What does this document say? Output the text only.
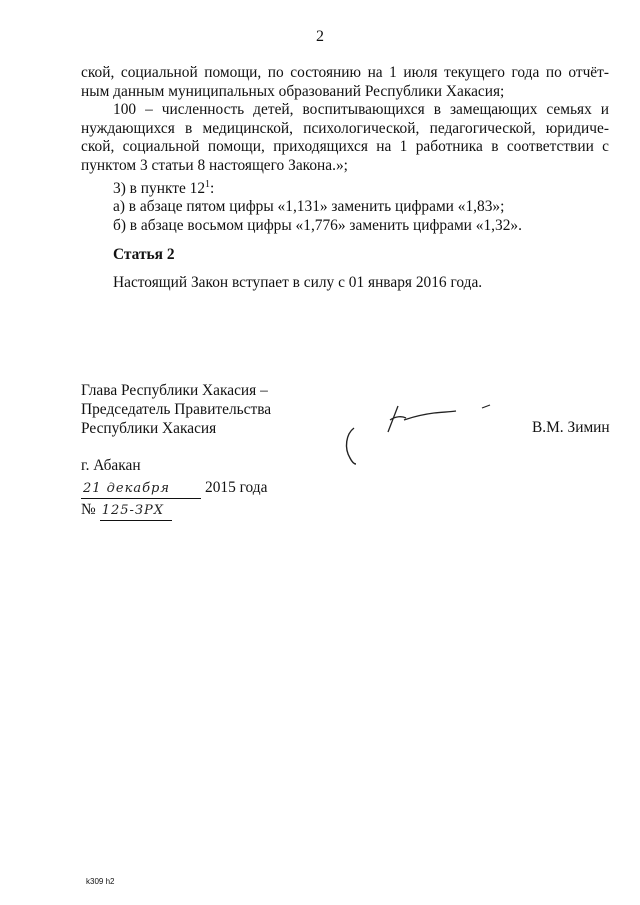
2

ской, социальной помощи, по состоянию на 1 июля текущего года по отчёт-

ным данным муниципальных образований Республики Хакасия;

100 – численность детей, воспитывающихся в замещающих семьях и нуждающихся в медицинской, психологической, педагогической, юридиче-ской, социальной помощи, приходящихся на 1 работника в соответствии с пунктом 3 статьи 8 настоящего Закона.»;

3) в пункте $12^1$:

а) в абзаце пятом цифры «1,131» заменить цифрами «1,83»;

б) в абзаце восьмом цифры «1,776» заменить цифрами «1,32».

Статья 2
Настоящий Закон вступает в силу с 01 января 2016 года.
Глава Республики Хакасия –
Председатель Правительства
Республики Хакасия	В.М. Зимин
г. Абакан
21 декабря	2015 года
№ 125-ЗРХ
k309 h2
